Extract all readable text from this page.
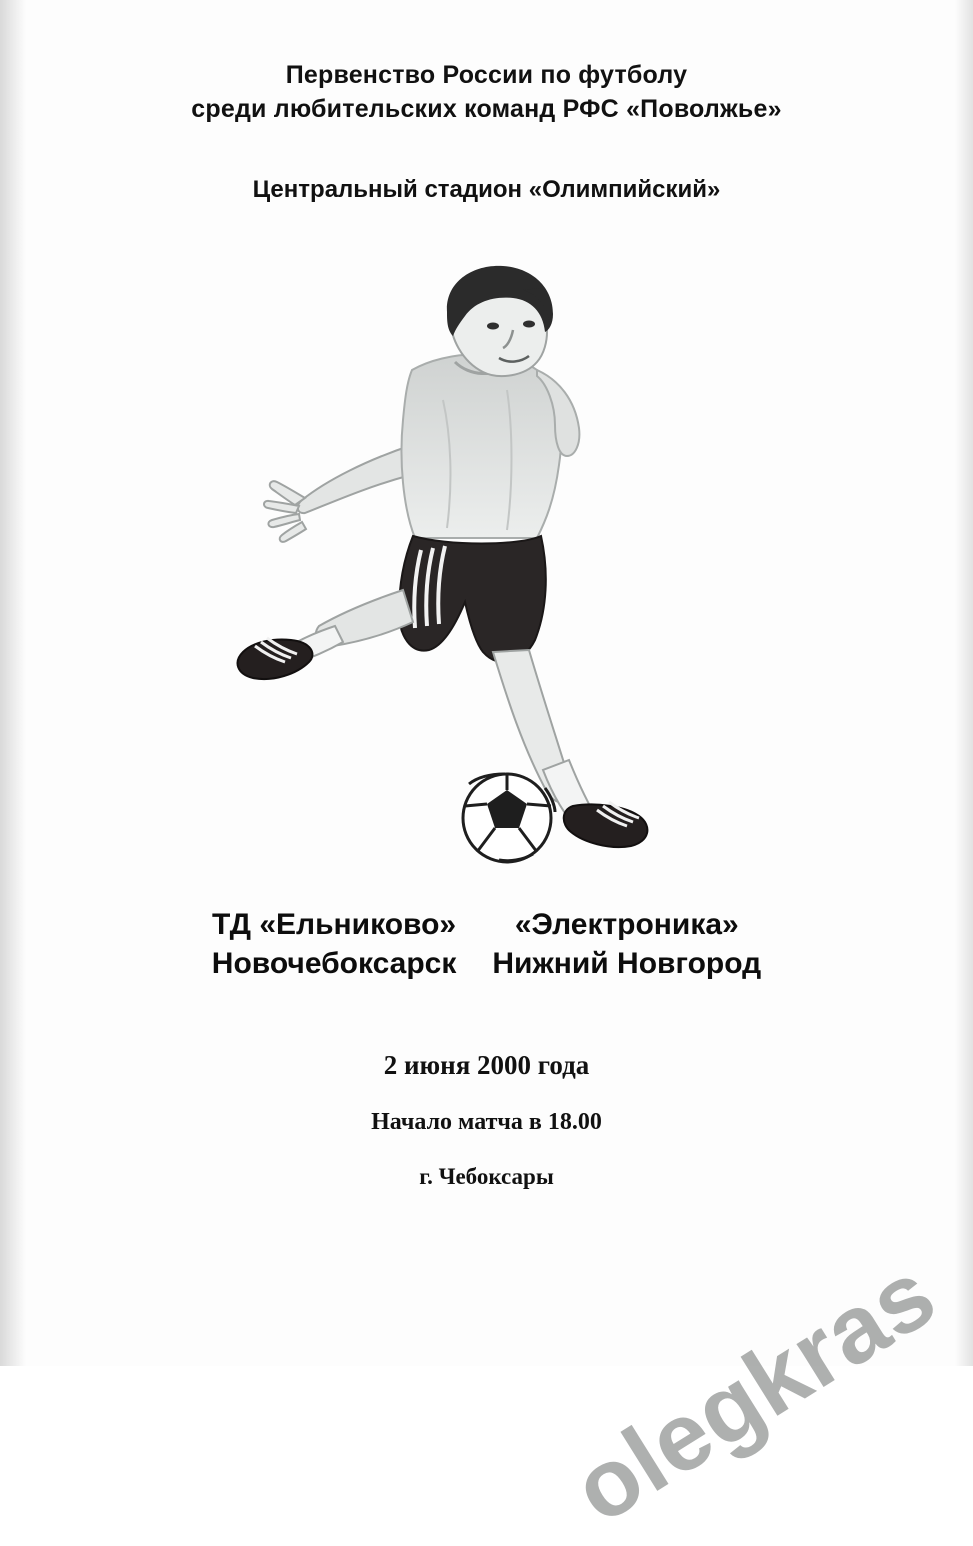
Первенство России по футболу
среди любительских команд РФС «Поволжье»
Центральный стадион «Олимпийский»
ТД «Ельниково»
Новочебоксарск
«Электроника»
Нижний Новгород
2 июня 2000 года
Начало матча в 18.00
г. Чебоксары
olegkras
